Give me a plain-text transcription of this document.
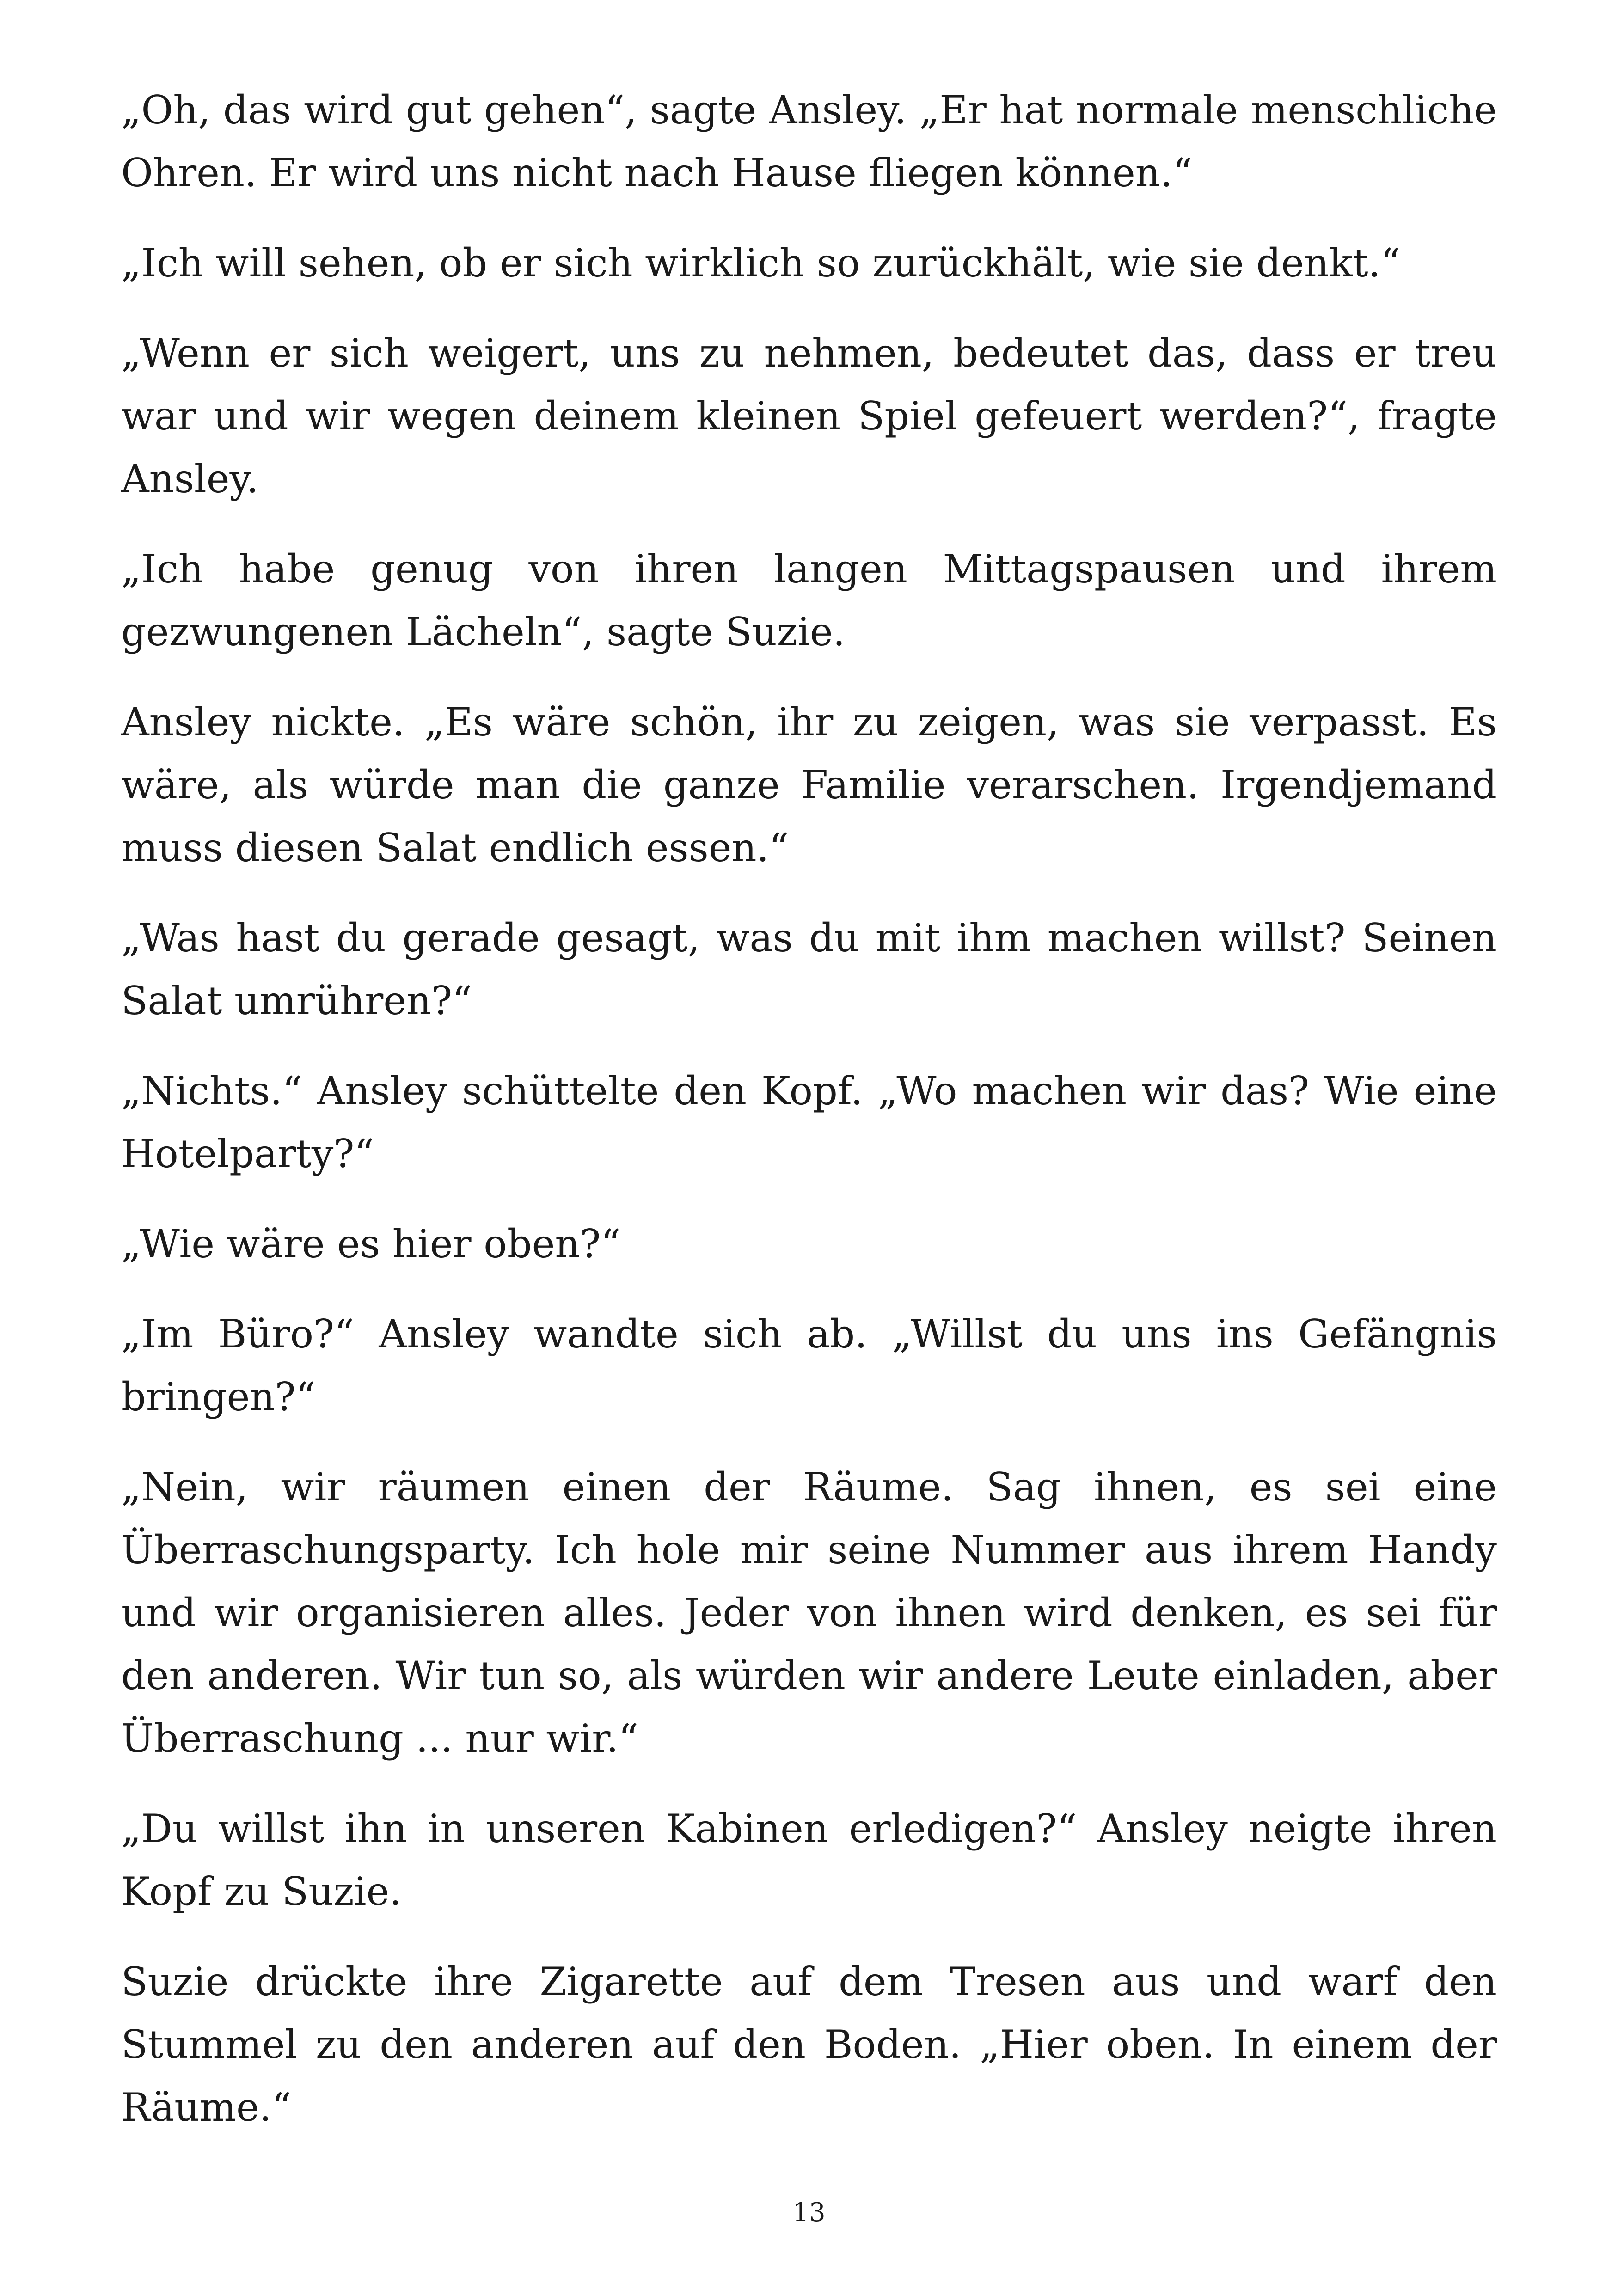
„Oh, das wird gut gehen“, sagte Ansley. „Er hat normale menschliche Ohren. Er wird uns nicht nach Hause fliegen können.“

„Ich will sehen, ob er sich wirklich so zurückhält, wie sie denkt.“

„Wenn er sich weigert, uns zu nehmen, bedeutet das, dass er treu war und wir wegen deinem kleinen Spiel gefeuert werden?“, fragte Ansley.

„Ich habe genug von ihren langen Mittagspausen und ihrem gezwungenen Lächeln“, sagte Suzie.

Ansley nickte. „Es wäre schön, ihr zu zeigen, was sie verpasst. Es wäre, als würde man die ganze Familie verarschen. Irgendjemand muss diesen Salat endlich essen.“

„Was hast du gerade gesagt, was du mit ihm machen willst? Seinen Salat umrühren?“

„Nichts.“ Ansley schüttelte den Kopf. „Wo machen wir das? Wie eine Hotelparty?“

„Wie wäre es hier oben?“

„Im Büro?“ Ansley wandte sich ab. „Willst du uns ins Gefängnis bringen?“

„Nein, wir räumen einen der Räume. Sag ihnen, es sei eine Überraschungsparty. Ich hole mir seine Nummer aus ihrem Handy und wir organisieren alles. Jeder von ihnen wird denken, es sei für den anderen. Wir tun so, als würden wir andere Leute einladen, aber Überraschung ... nur wir.“

„Du willst ihn in unseren Kabinen erledigen?“ Ansley neigte ihren Kopf zu Suzie.

Suzie drückte ihre Zigarette auf dem Tresen aus und warf den Stummel zu den anderen auf den Boden. „Hier oben. In einem der Räume.“

13
